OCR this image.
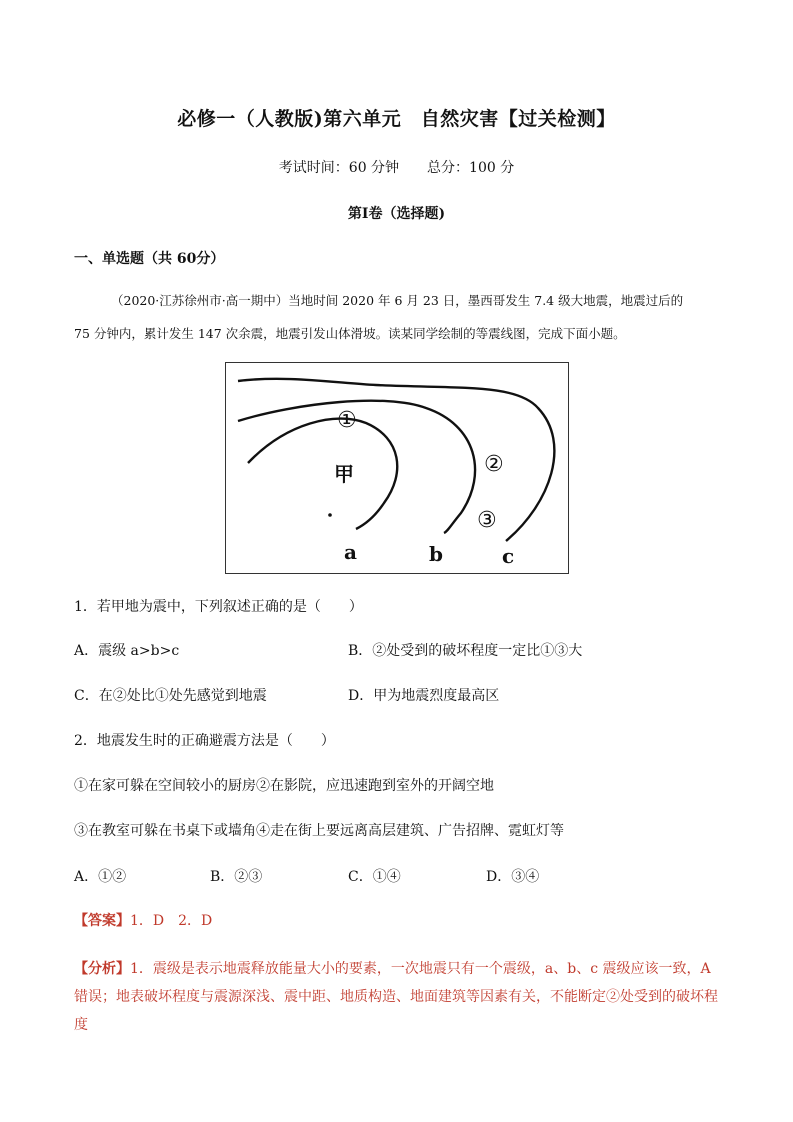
必修一（人教版)第六单元　自然灾害【过关检测】
考试时间：60 分钟　　总分：100 分
第Ⅰ卷（选择题)
一、单选题（共 60分）
（2020·江苏徐州市·高一期中）当地时间 2020 年 6 月 23 日，墨西哥发生 7.4 级大地震，地震过后的
75 分钟内，累计发生 147 次余震，地震引发山体滑坡。读某同学绘制的等震线图，完成下面小题。
甲
①
②
③
a	b	c
1．若甲地为震中，下列叙述正确的是（　　）
A．震级 a>b>c	B．②处受到的破坏程度一定比①③大
C．在②处比①处先感觉到地震	D．甲为地震烈度最高区
2．地震发生时的正确避震方法是（　　）
①在家可躲在空间较小的厨房②在影院，应迅速跑到室外的开阔空地
③在教室可躲在书桌下或墙角④走在街上要远离高层建筑、广告招牌、霓虹灯等
A．①②	B．②③	C．①④	D．③④
【答案】1．D　2．D
【分析】1．震级是表示地震释放能量大小的要素，一次地震只有一个震级，a、b、c 震级应该一致，A 错误；地表破坏程度与震源深浅、震中距、地质构造、地面建筑等因素有关，不能断定②处受到的破坏程度
